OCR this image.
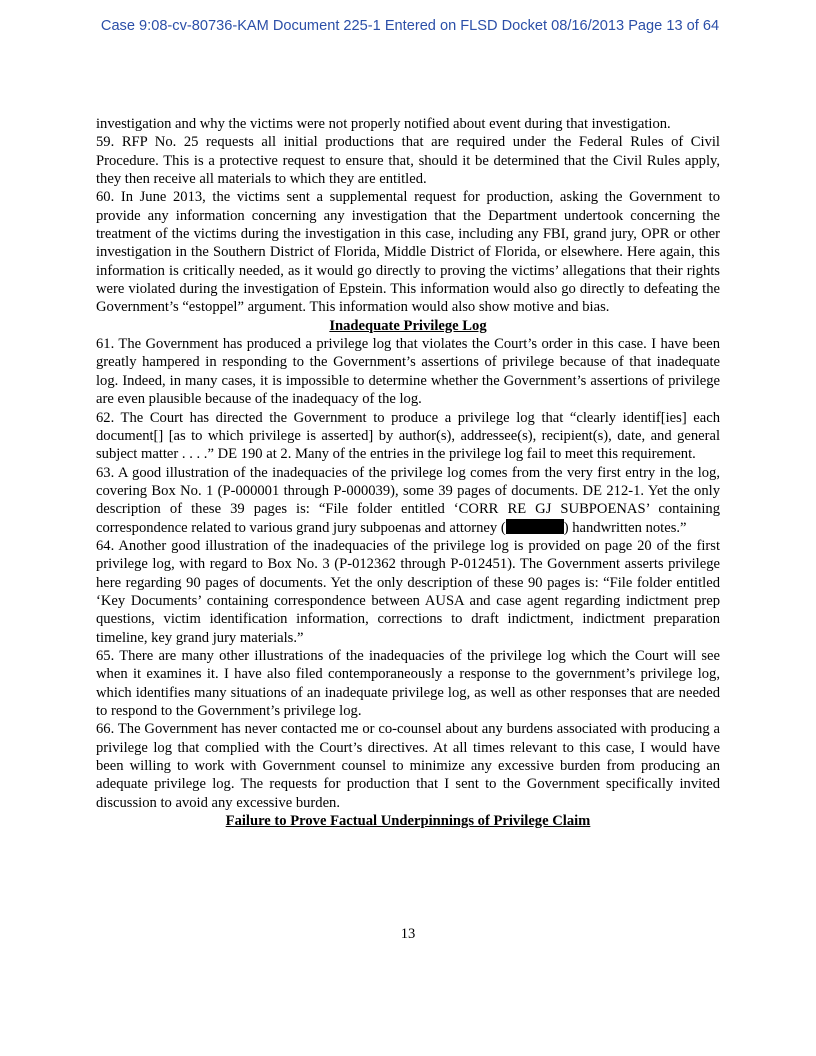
Case 9:08-cv-80736-KAM Document 225-1 Entered on FLSD Docket 08/16/2013 Page 13 of 64

investigation and why the victims were not properly notified about event during that investigation.

59. RFP No. 25 requests all initial productions that are required under the Federal Rules of Civil Procedure. This is a protective request to ensure that, should it be determined that the Civil Rules apply, they then receive all materials to which they are entitled.

60. In June 2013, the victims sent a supplemental request for production, asking the Government to provide any information concerning any investigation that the Department undertook concerning the treatment of the victims during the investigation in this case, including any FBI, grand jury, OPR or other investigation in the Southern District of Florida, Middle District of Florida, or elsewhere. Here again, this information is critically needed, as it would go directly to proving the victims’ allegations that their rights were violated during the investigation of Epstein. This information would also go directly to defeating the Government’s “estoppel” argument. This information would also show motive and bias.

Inadequate Privilege Log

61. The Government has produced a privilege log that violates the Court’s order in this case. I have been greatly hampered in responding to the Government’s assertions of privilege because of that inadequate log. Indeed, in many cases, it is impossible to determine whether the Government’s assertions of privilege are even plausible because of the inadequacy of the log.

62. The Court has directed the Government to produce a privilege log that “clearly identif[ies] each document[] [as to which privilege is asserted] by author(s), addressee(s), recipient(s), date, and general subject matter . . . .” DE 190 at 2. Many of the entries in the privilege log fail to meet this requirement.

63. A good illustration of the inadequacies of the privilege log comes from the very first entry in the log, covering Box No. 1 (P-000001 through P-000039), some 39 pages of documents. DE 212-1. Yet the only description of these 39 pages is: “File folder entitled ‘CORR RE GJ SUBPOENAS’ containing correspondence related to various grand jury subpoenas and attorney (	) handwritten notes.”

64. Another good illustration of the inadequacies of the privilege log is provided on page 20 of the first privilege log, with regard to Box No. 3 (P-012362 through P-012451). The Government asserts privilege here regarding 90 pages of documents. Yet the only description of these 90 pages is: “File folder entitled ‘Key Documents’ containing correspondence between AUSA and case agent regarding indictment prep questions, victim identification information, corrections to draft indictment, indictment preparation timeline, key grand jury materials.”

65. There are many other illustrations of the inadequacies of the privilege log which the Court will see when it examines it. I have also filed contemporaneously a response to the government’s privilege log, which identifies many situations of an inadequate privilege log, as well as other responses that are needed to respond to the Government’s privilege log.

66. The Government has never contacted me or co-counsel about any burdens associated with producing a privilege log that complied with the Court’s directives. At all times relevant to this case, I would have been willing to work with Government counsel to minimize any excessive burden from producing an adequate privilege log. The requests for production that I sent to the Government specifically invited discussion to avoid any excessive burden.

Failure to Prove Factual Underpinnings of Privilege Claim

13
